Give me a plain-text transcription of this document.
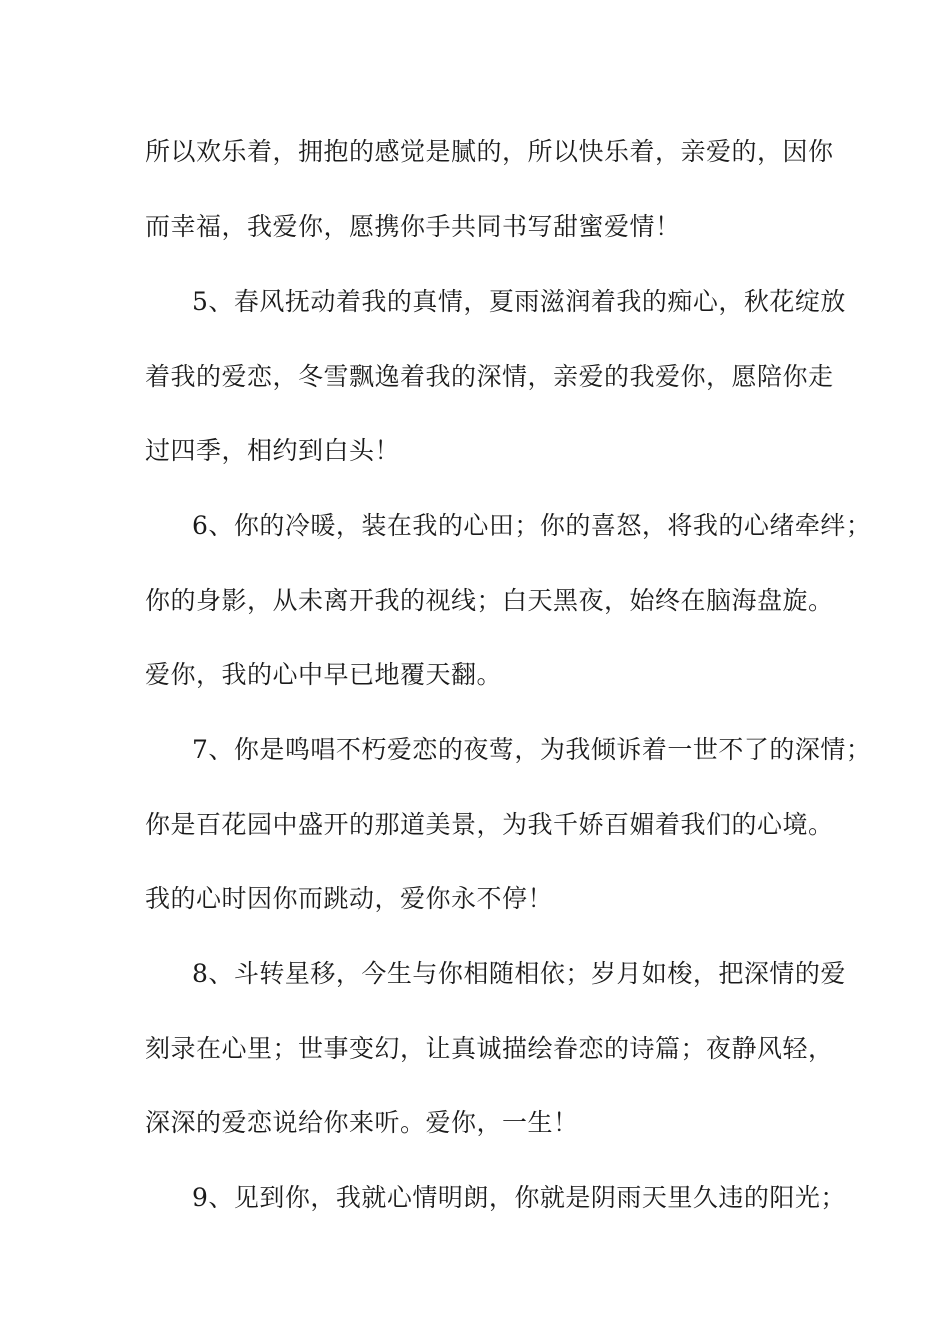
所以欢乐着，拥抱的感觉是腻的，所以快乐着，亲爱的，因你
而幸福，我爱你，愿携你手共同书写甜蜜爱情！
5、春风抚动着我的真情，夏雨滋润着我的痴心，秋花绽放
着我的爱恋，冬雪飘逸着我的深情，亲爱的我爱你，愿陪你走
过四季，相约到白头！
6、你的冷暖，装在我的心田；你的喜怒，将我的心绪牵绊；
你的身影，从未离开我的视线；白天黑夜，始终在脑海盘旋。
爱你，我的心中早已地覆天翻。
7、你是鸣唱不朽爱恋的夜莺，为我倾诉着一世不了的深情；
你是百花园中盛开的那道美景，为我千娇百媚着我们的心境。
我的心时因你而跳动，爱你永不停！
8、斗转星移，今生与你相随相依；岁月如梭，把深情的爱
刻录在心里；世事变幻，让真诚描绘眷恋的诗篇；夜静风轻，
深深的爱恋说给你来听。爱你，一生！
9、见到你，我就心情明朗，你就是阴雨天里久违的阳光；
